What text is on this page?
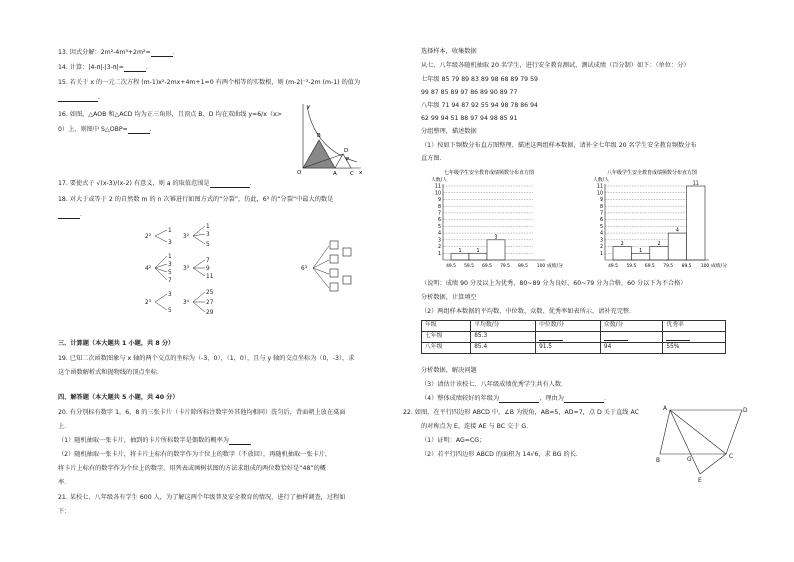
13. 因式分解：2m²-4m³+2m²=	．
14. 计算：|4-π|-|3-π|=	．
15. 若关于 x 的一元二次方程 (m-1)x²-2mx+4m+1=0 有两个相等的实数根，则 (m-2)⁻²-2m (m-1) 的值为
．
16. 如图，△AOB 和△ACD 均为正三角形，且顶点 B、D 均在双曲线 y=6/x（x>
0）上，则图中 S△OBP=	．
y
x
B
D
P
O	A C
17. 要使式子 √(x-3)/(x-2) 有意义，则 a 的取值范围是	．
18. 对大于或等于 2 的自然数 m 的 n 次幂进行如图方式的“分裂”，仿此，6³ 的“分裂”中最大的数是
．
2²
1
3
3²
1
3
5
4²
1
3
5
7
3³
7
9
11
2³
3
5
3⁴
25
27
29
6³
三、计算题（本大题共 1 小题，共 8 分）
19. 已知二次函数图象与 x 轴的两个交点的坐标为（-3，0），（1，0），且与 y 轴的交点坐标为（0，-3），求
这个函数解析式和抛物线的顶点坐标．
四、解答题（本大题共 5 小题，共 40 分）
20. 有分别标有数字 1，6，8 的三张卡片（卡片除所标注数字外其他均相同）洗匀后，背面朝上放在桌面
上．
（1）随机抽取一张卡片，抽到的卡片所标数字是偶数的概率为
（2）随机抽取一张卡片，将卡片上标有的数字作为十位上的数字（不放回），再随机抽取一张卡片，
将卡片上标有的数字作为个位上的数字，用列表或画树状图的方法求组成的两位数恰好是“48”的概
率．
21. 某校七、八年级各有学生 600 人，为了解这两个年级普及安全教育的情况，进行了抽样调查，过程如
下：
选择样本，收集数据
从七、八年级各随机抽取 20 名学生，进行安全教育测试，测试成绩（百分制）如下：（单位：分）
七年级 85 79 89 83 89 98 68 89 79 59
99 87 85 89 97 86 89 90 89 77
八年级 71 94 87 92 55 94 98 78 86 94
62 99 94 51 88 97 94 98 85 91
分组整理，描述数据
（1）按如下频数分布直方图整理、描述这两组样本数据，请补全七年级 20 名学生安全教育频数分布
直方图．
七年级学生安全教育成绩频数分布直方图
人数/人
1
2
3
4
5
6
7
8
9
10
11
1	1
3
49.5 59.5 69.5 79.5 89.5 100 成绩/分
八年级学生安全教育成绩频数分布直方图
人数/人
1
2
3
4
5
6
7
8
9
10
11
2
1
2
4
11
49.5 59.5 69.5 79.5 89.5 100 成绩/分
（说明：成绩 90 分及以上为优秀，80~89 分为良好，60~79 分为合格，60 分以下为不合格）
分析数据，计算填空
（2）两组样本数据的平均数、中位数、众数、优秀率如表所示，请补充完整．
年级	平均数/分	中位数/分	众数/分	优秀率
七年级	85.3			
八年级	85.4	91.5	94	55%
分析数据，解决问题
（3）请估计该校七、八年级成绩优秀学生共有人数．
（4）整体成绩较好的年级为	，理由为	．
22. 如图，在平行四边形 ABCD 中，∠B 为锐角，AB=5，AD=7，点 D 关于直线 AC
的对称点为 E，连接 AE 与 BC 交于 G．
（1）证明：AG=CG；
（2）若平行四边形 ABCD 的面积为 14√6，求 BG 的长．
A
B
C
D
E
G
